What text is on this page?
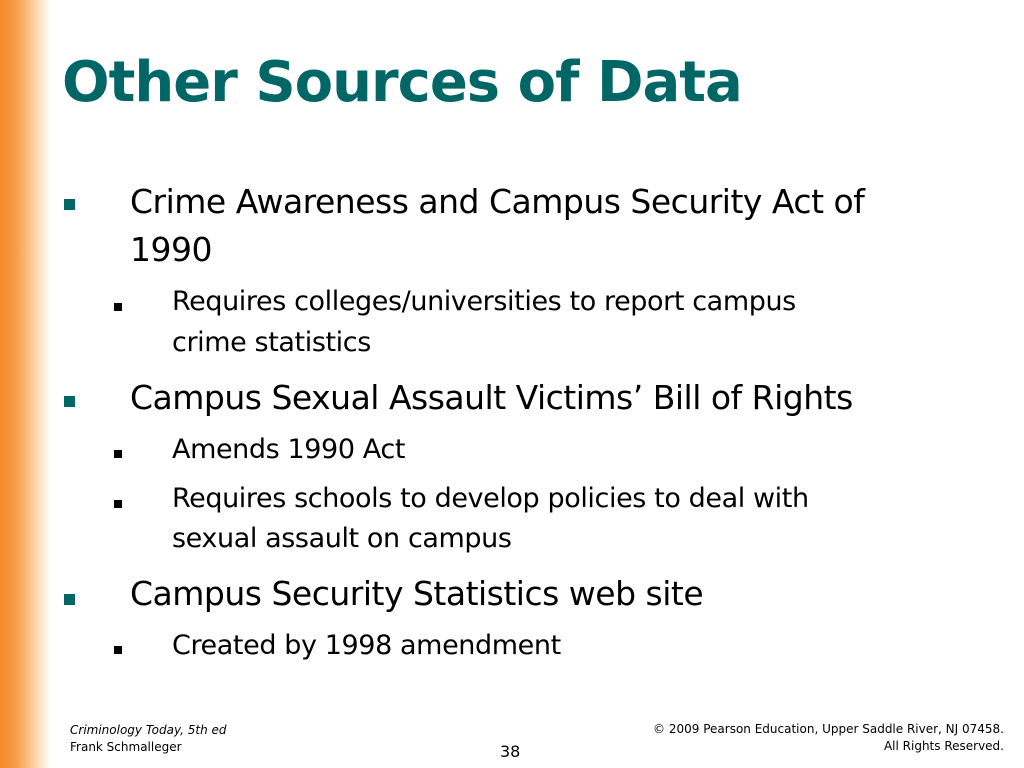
Other Sources of Data
Crime Awareness and Campus Security Act of
1990
Requires colleges/universities to report campus
crime statistics
Campus Sexual Assault Victims’ Bill of Rights
Amends 1990 Act
Requires schools to develop policies to deal with
sexual assault on campus
Campus Security Statistics web site
Created by 1998 amendment
Criminology Today, 5th ed
Frank Schmalleger	38
© 2009 Pearson Education, Upper Saddle River, NJ 07458.
All Rights Reserved.
